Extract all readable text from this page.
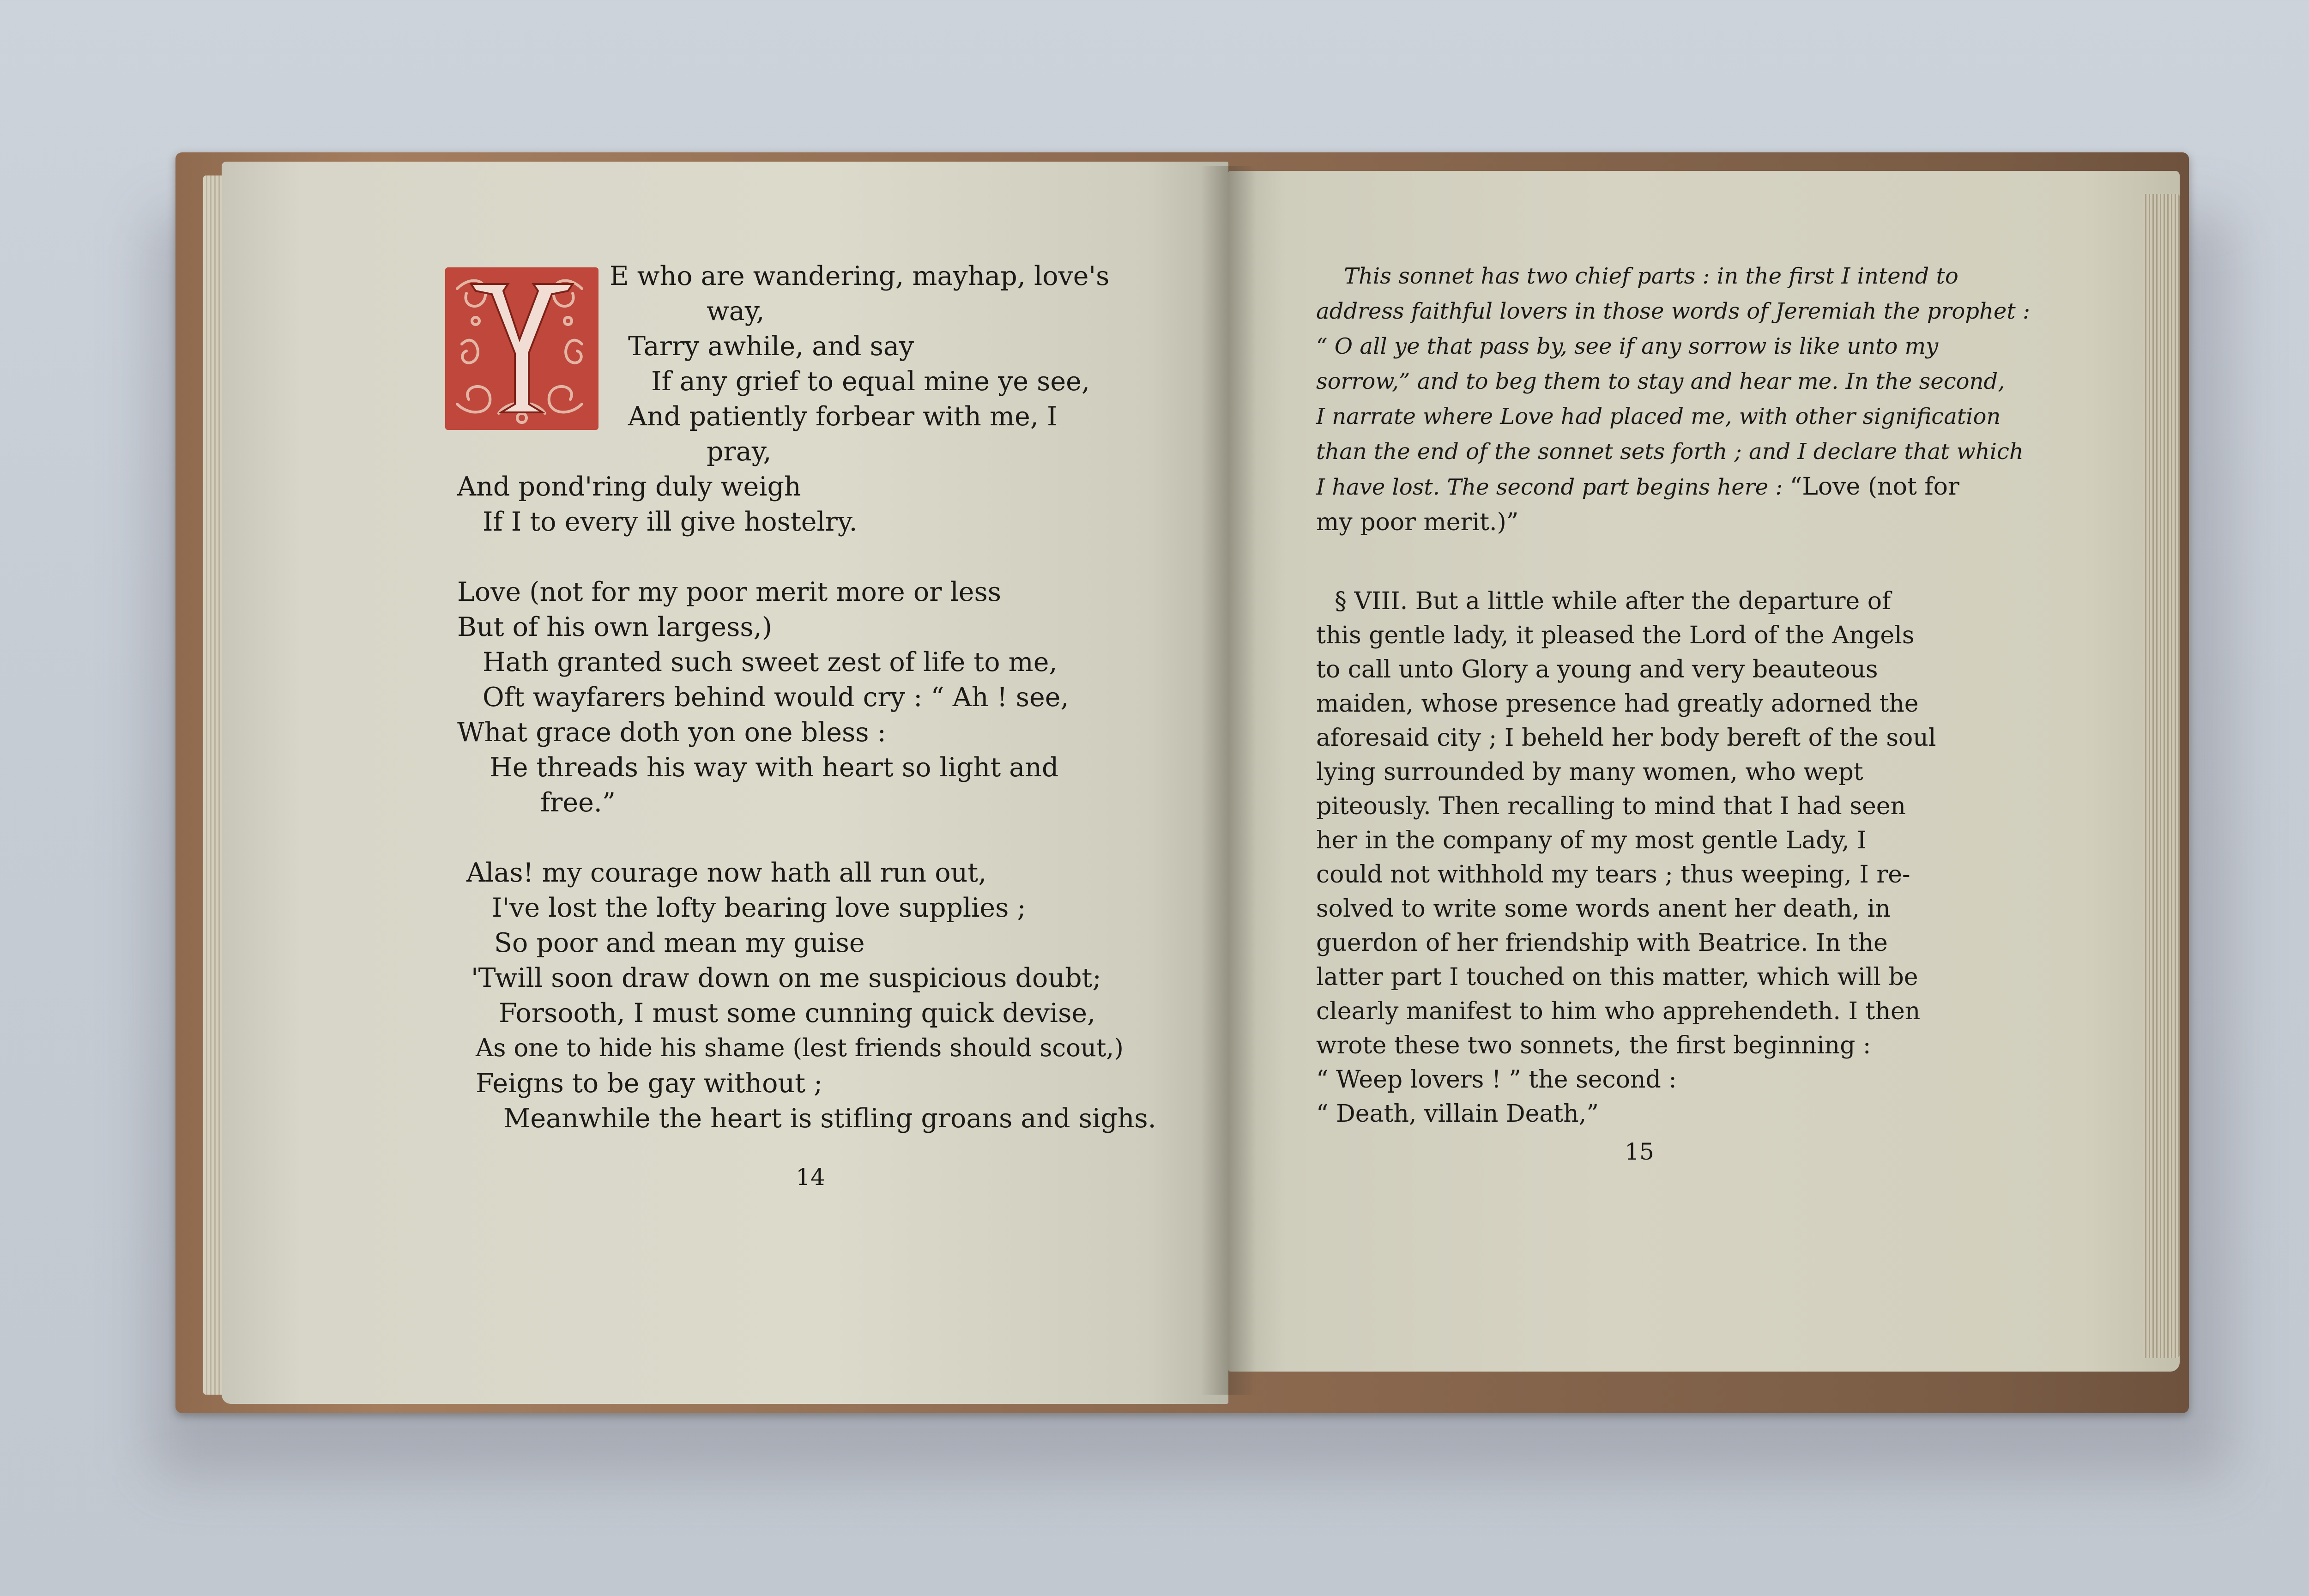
Y
E who are wandering, mayhap, love's
way,
Tarry awhile, and say
If any grief to equal mine ye see,
And patiently forbear with me, I
pray,
And pond'ring duly weigh
If I to every ill give hostelry.
Love (not for my poor merit more or less
But of his own largess,)
Hath granted such sweet zest of life to me,
Oft wayfarers behind would cry : “ Ah ! see,
What grace doth yon one bless :
He threads his way with heart so light and
free.”
Alas! my courage now hath all run out,
I've lost the lofty bearing love supplies ;
So poor and mean my guise
'Twill soon draw down on me suspicious doubt;
Forsooth, I must some cunning quick devise,
As one to hide his shame (lest friends should scout,)
Feigns to be gay without ;
Meanwhile the heart is stifling groans and sighs.
14
This sonnet has two chief parts : in the first I intend to
address faithful lovers in those words of Jeremiah the prophet :
“ O all ye that pass by, see if any sorrow is like unto my
sorrow,” and to beg them to stay and hear me. In the second,
I narrate where Love had placed me, with other signification
than the end of the sonnet sets forth ; and I declare that which
I have lost. The second part begins here : “Love (not for
my poor merit.)”
§ VIII. But a little while after the departure of
this gentle lady, it pleased the Lord of the Angels
to call unto Glory a young and very beauteous
maiden, whose presence had greatly adorned the
aforesaid city ; I beheld her body bereft of the soul
lying surrounded by many women, who wept
piteously. Then recalling to mind that I had seen
her in the company of my most gentle Lady, I
could not withhold my tears ; thus weeping, I re-
solved to write some words anent her death, in
guerdon of her friendship with Beatrice. In the
latter part I touched on this matter, which will be
clearly manifest to him who apprehendeth. I then
wrote these two sonnets, the first beginning :
“ Weep lovers ! ” the second :
“ Death, villain Death,”
15
